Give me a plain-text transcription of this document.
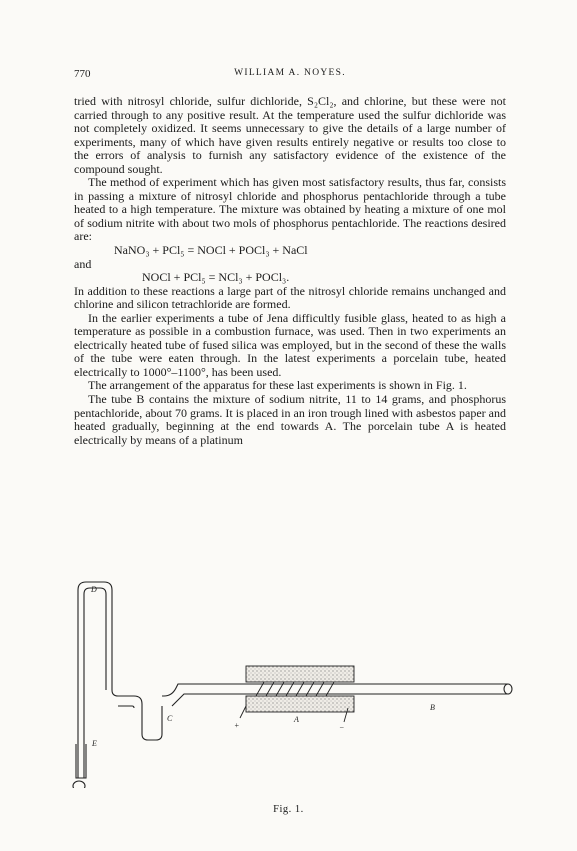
770	WILLIAM A. NOYES.

tried with nitrosyl chloride, sulfur dichloride, S₂Cl₂, and chlorine, but these were not carried through to any positive result. At the temperature used the sulfur dichloride was not completely oxidized. It seems unnecessary to give the details of a large number of experiments, many of which have given results entirely negative or results too close to the errors of analysis to furnish any satisfactory evidence of the existence of the compound sought.

The method of experiment which has given most satisfactory results, thus far, consists in passing a mixture of nitrosyl chloride and phosphorus pentachloride through a tube heated to a high temperature. The mixture was obtained by heating a mixture of one mol of sodium nitrite with about two mols of phosphorus pentachloride. The reactions desired are:

NaNO₃ + PCl₅ = NOCl + POCl₃ + NaCl

and

NOCl + PCl₅ = NCl₃ + POCl₃.

In addition to these reactions a large part of the nitrosyl chloride remains unchanged and chlorine and silicon tetrachloride are formed.

In the earlier experiments a tube of Jena difficultly fusible glass, heated to as high a temperature as possible in a combustion furnace, was used. Then in two experiments an electrically heated tube of fused silica was employed, but in the second of these the walls of the tube were eaten through. In the latest experiments a porcelain tube, heated electrically to 1000°–1100°, has been used.

The arrangement of the apparatus for these last experiments is shown in Fig. 1.

The tube B contains the mixture of sodium nitrite, 11 to 14 grams, and phosphorus pentachloride, about 70 grams. It is placed in an iron trough lined with asbestos paper and heated gradually, beginning at the end towards A. The porcelain tube A is heated electrically by means of a platinum

D
E
C	A
B
+	−
Fig. 1.
